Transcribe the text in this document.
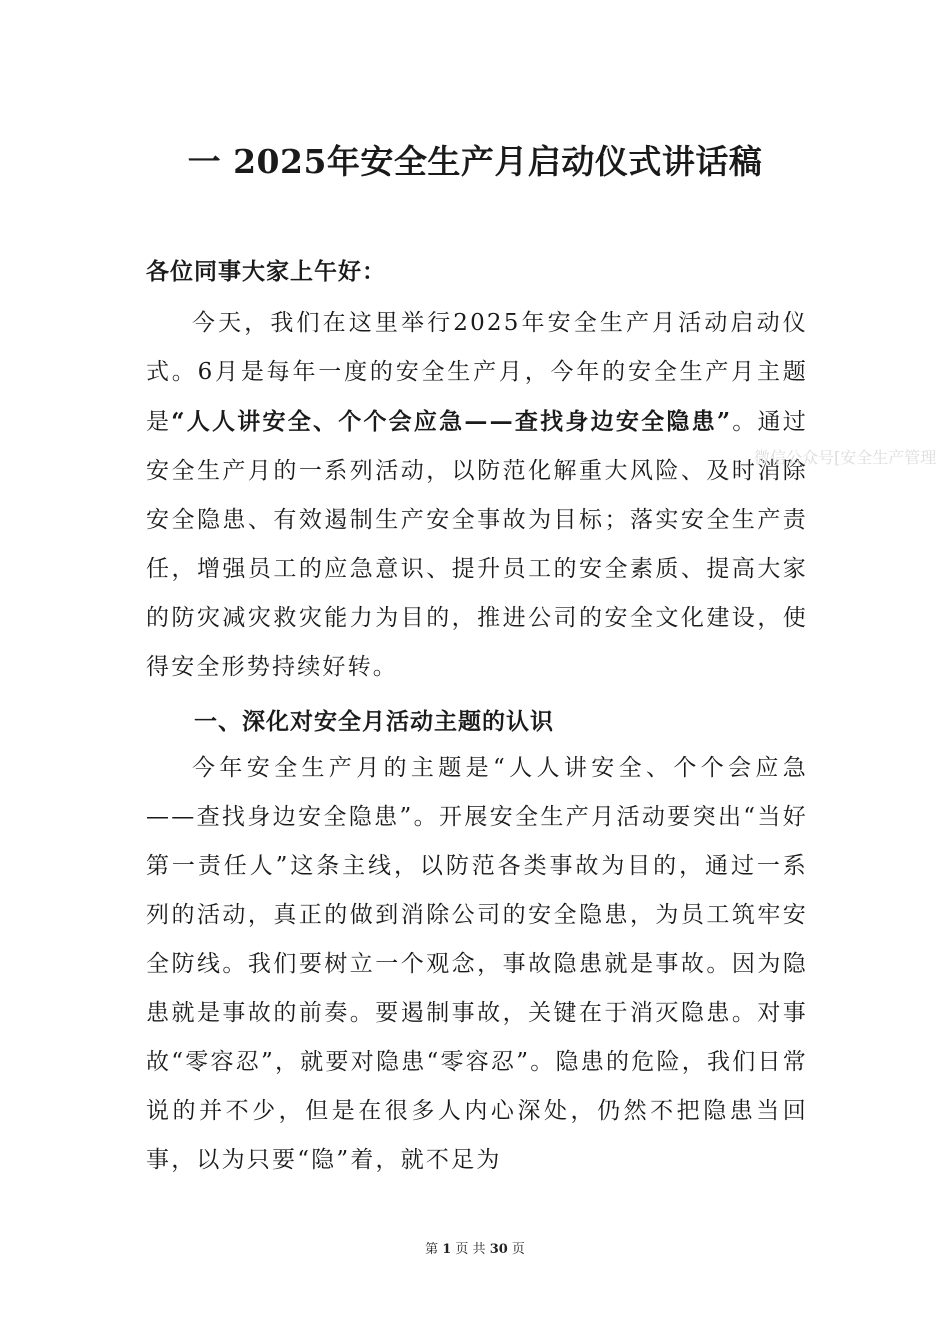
一 2025年安全生产月启动仪式讲话稿
各位同事大家上午好：

今天，我们在这里举行2025年安全生产月活动启动仪式。6月是每年一度的安全生产月，今年的安全生产月主题是“人人讲安全、个个会应急——查找身边安全隐患”。通过安全生产月的一系列活动，以防范化解重大风险、及时消除安全隐患、有效遏制生产安全事故为目标；落实安全生产责任，增强员工的应急意识、提升员工的安全素质、提高大家的防灾减灾救灾能力为目的，推进公司的安全文化建设，使得安全形势持续好转。

微信公众号[安全生产管理
一、深化对安全月活动主题的认识

今年安全生产月的主题是“人人讲安全、个个会应急——查找身边安全隐患”。开展安全生产月活动要突出“当好第一责任人”这条主线，以防范各类事故为目的，通过一系列的活动，真正的做到消除公司的安全隐患，为员工筑牢安全防线。我们要树立一个观念，事故隐患就是事故。因为隐患就是事故的前奏。要遏制事故，关键在于消灭隐患。对事故“零容忍”，就要对隐患“零容忍”。隐患的危险，我们日常说的并不少，但是在很多人内心深处，仍然不把隐患当回事，以为只要“隐”着，就不足为

第 1 页 共 30 页
